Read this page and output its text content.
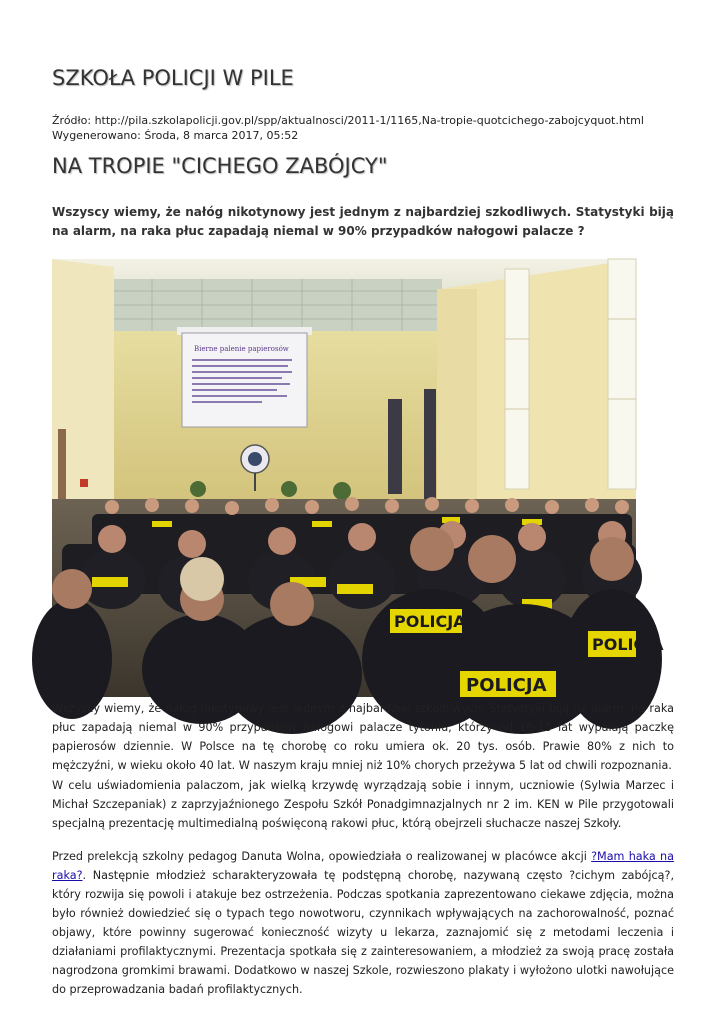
SZKOŁA POLICJI W PILE
Źródło: http://pila.szkolapolicji.gov.pl/spp/aktualnosci/2011-1/1165,Na-tropie-quotcichego-zabojcyquot.html
Wygenerowano: Środa, 8 marca 2017, 05:52
NA TROPIE "CICHEGO ZABÓJCY"

Wszyscy wiemy, że nałóg nikotynowy jest jednym z najbardziej szkodliwych. Statystyki biją na alarm, na raka płuc zapadają niemal w 90% przypadków nałogowi palacze ?

Bierne palenie papierosów
POLICJA
POLICJA
POLICJA

Wszyscy wiemy, że nałóg nikotynowy jest jednym z najbardziej szkodliwych. Statystyki biją na alarm, na raka płuc zapadają niemal w 90% przypadków nałogowi palacze tytoniu, którzy od 10-15 lat wypalają paczkę papierosów dziennie. W Polsce na tę chorobę co roku umiera ok. 20 tys. osób. Prawie 80% z nich to mężczyźni, w wieku około 40 lat. W naszym kraju mniej niż 10% chorych przeżywa 5 lat od chwili rozpoznania.

W celu uświadomienia palaczom, jak wielką krzywdę wyrządzają sobie i innym, uczniowie (Sylwia Marzec i Michał Szczepaniak) z zaprzyjaźnionego Zespołu Szkół Ponadgimnazjalnych nr 2 im. KEN w Pile przygotowali specjalną prezentację multimedialną poświęconą rakowi płuc, którą obejrzeli słuchacze naszej Szkoły.

Przed prelekcją szkolny pedagog Danuta Wolna, opowiedziała o realizowanej w placówce akcji ?Mam haka na raka?. Następnie młodzież scharakteryzowała tę podstępną chorobę, nazywaną często ?cichym zabójcą?, który rozwija się powoli i atakuje bez ostrzeżenia. Podczas spotkania zaprezentowano ciekawe zdjęcia, można było również dowiedzieć się o typach tego nowotworu, czynnikach wpływających na zachorowalność, poznać objawy, które powinny sugerować konieczność wizyty u lekarza, zaznajomić się z metodami leczenia i działaniami profilaktycznymi. Prezentacja spotkała się z zainteresowaniem, a młodzież za swoją pracę została nagrodzona gromkimi brawami. Dodatkowo w naszej Szkole, rozwieszono plakaty i wyłożono ulotki nawołujące do przeprowadzania badań profilaktycznych.
